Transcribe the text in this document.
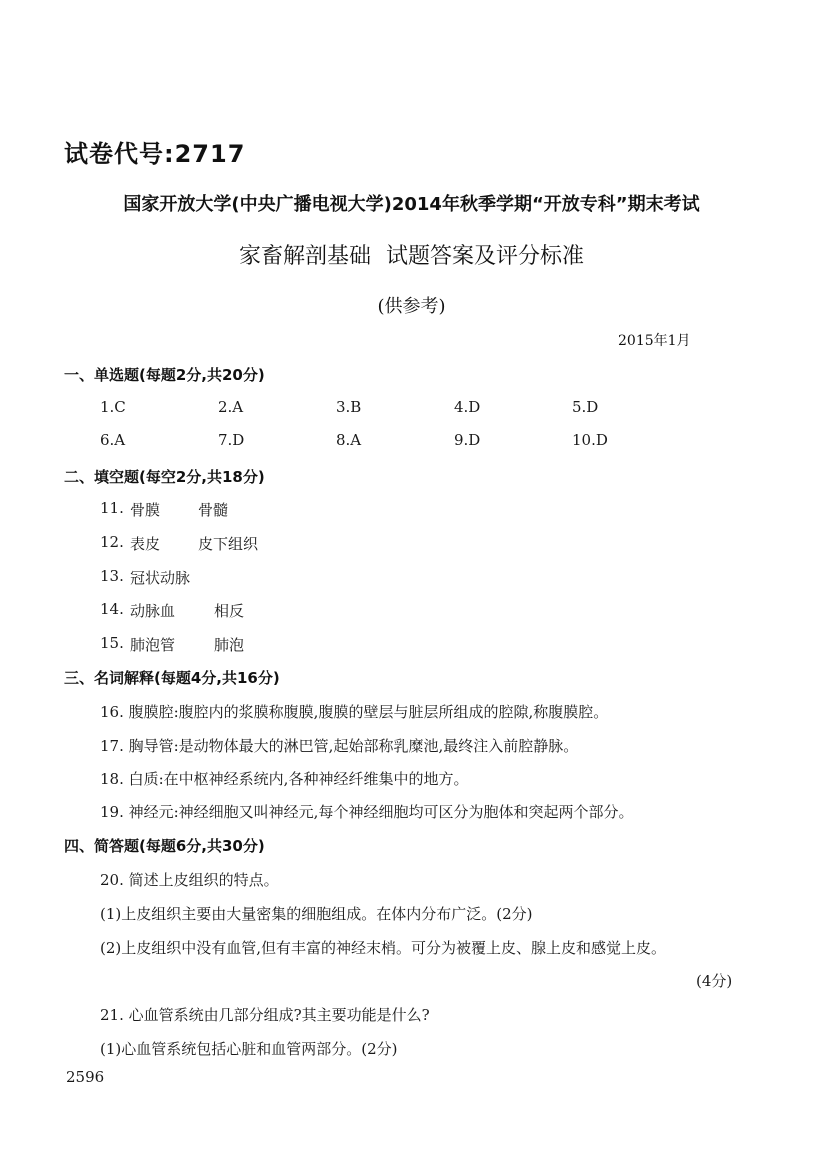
试卷代号:2717
国家开放大学(中央广播电视大学)2014年秋季学期“开放专科”期末考试
家畜解剖基础 试题答案及评分标准
(供参考)
2015年1月
一、单选题(每题2分,共20分)
1.C	2.A	3.B	4.D	5.D
6.A	7.D	8.A	9.D	10.D
二、填空题(每空2分,共18分)
11. 骨膜	骨髓
12. 表皮	皮下组织
13. 冠状动脉
14. 动脉血	相反
15. 肺泡管	肺泡
三、名词解释(每题4分,共16分)
16. 腹膜腔:腹腔内的浆膜称腹膜,腹膜的壁层与脏层所组成的腔隙,称腹膜腔。
17. 胸导管:是动物体最大的淋巴管,起始部称乳糜池,最终注入前腔静脉。
18. 白质:在中枢神经系统内,各种神经纤维集中的地方。
19. 神经元:神经细胞又叫神经元,每个神经细胞均可区分为胞体和突起两个部分。
四、简答题(每题6分,共30分)
20. 简述上皮组织的特点。
(1)上皮组织主要由大量密集的细胞组成。在体内分布广泛。(2分)
(2)上皮组织中没有血管,但有丰富的神经末梢。可分为被覆上皮、腺上皮和感觉上皮。
(4分)
21. 心血管系统由几部分组成?其主要功能是什么?
(1)心血管系统包括心脏和血管两部分。(2分)
2596
